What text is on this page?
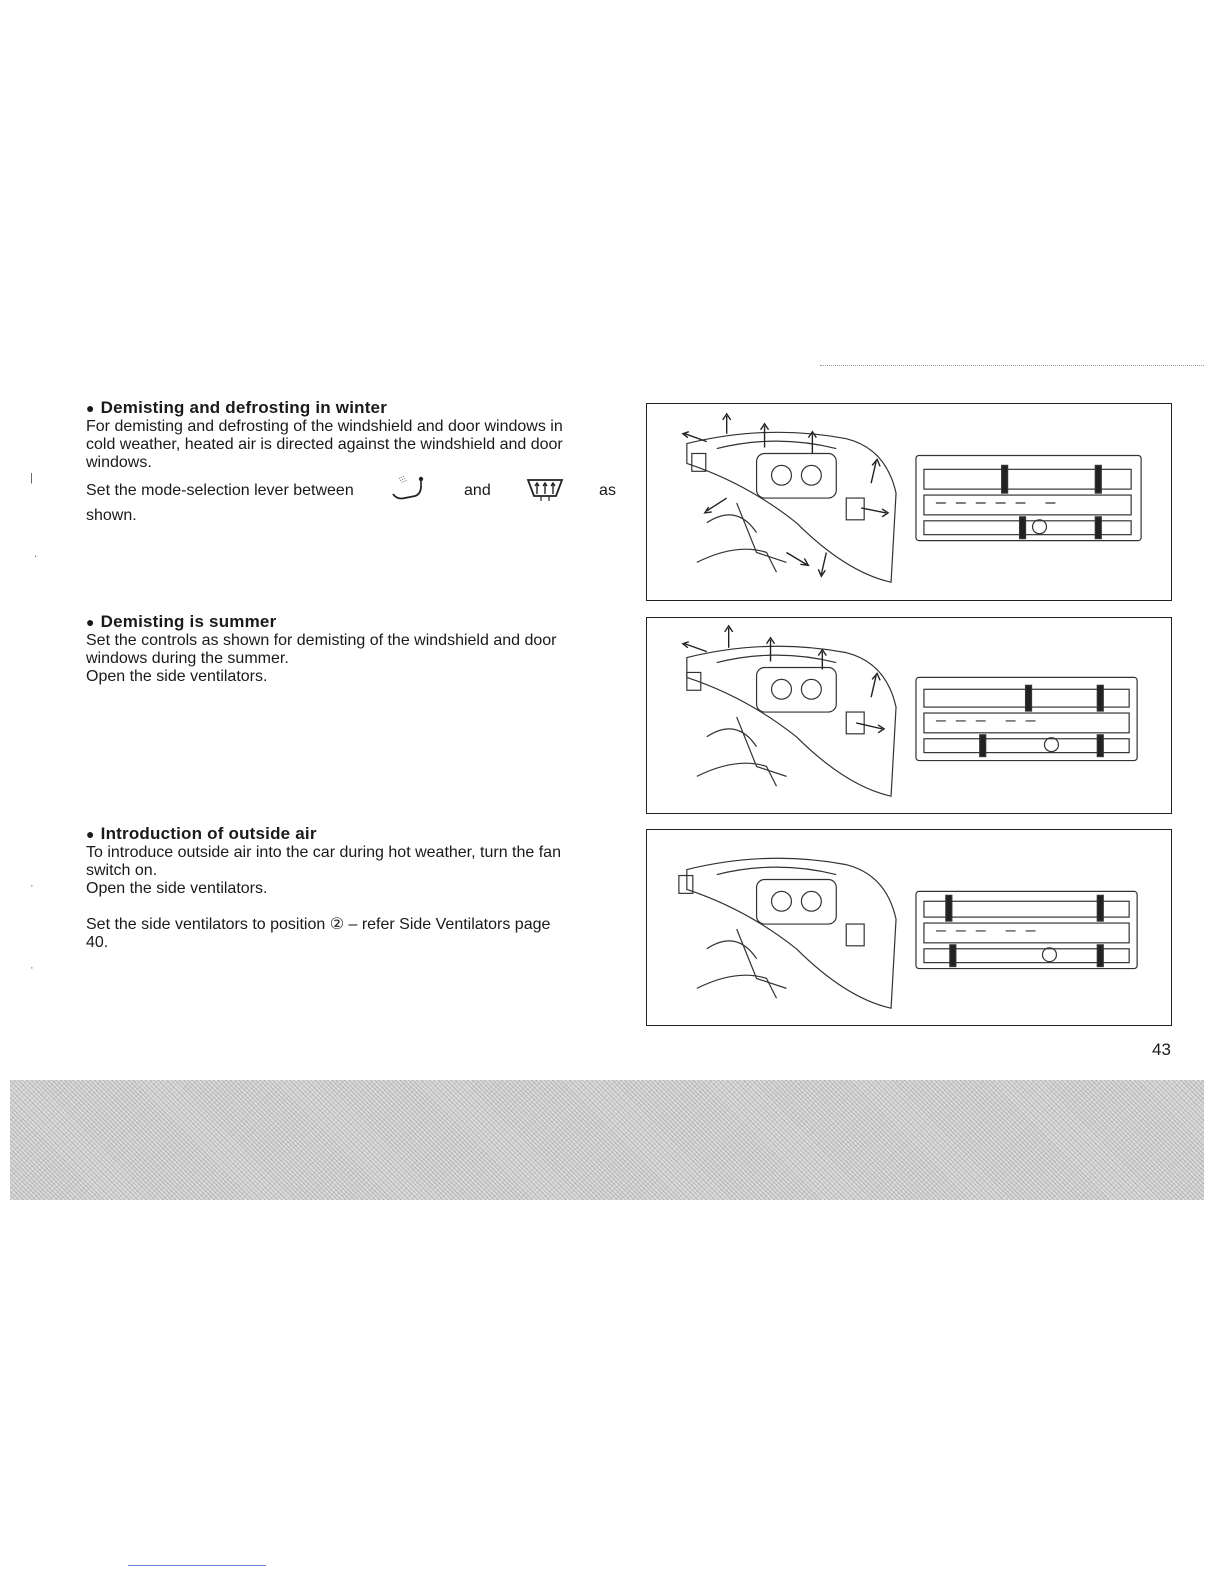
● Demisting and defrosting in winter

For demisting and defrosting of the windshield and door windows in

cold weather, heated air is directed against the windshield and door

windows.

Set the mode-selection lever between	and	as

shown.

● Demisting is summer

Set the controls as shown for demisting of the windshield and door

windows during the summer.

Open the side ventilators.

● Introduction of outside air

To introduce outside air into the car during hot weather, turn the fan

switch on.

Open the side ventilators.

Set the side ventilators to position ② – refer Side Ventilators page

40.

43
|
.
·
·
